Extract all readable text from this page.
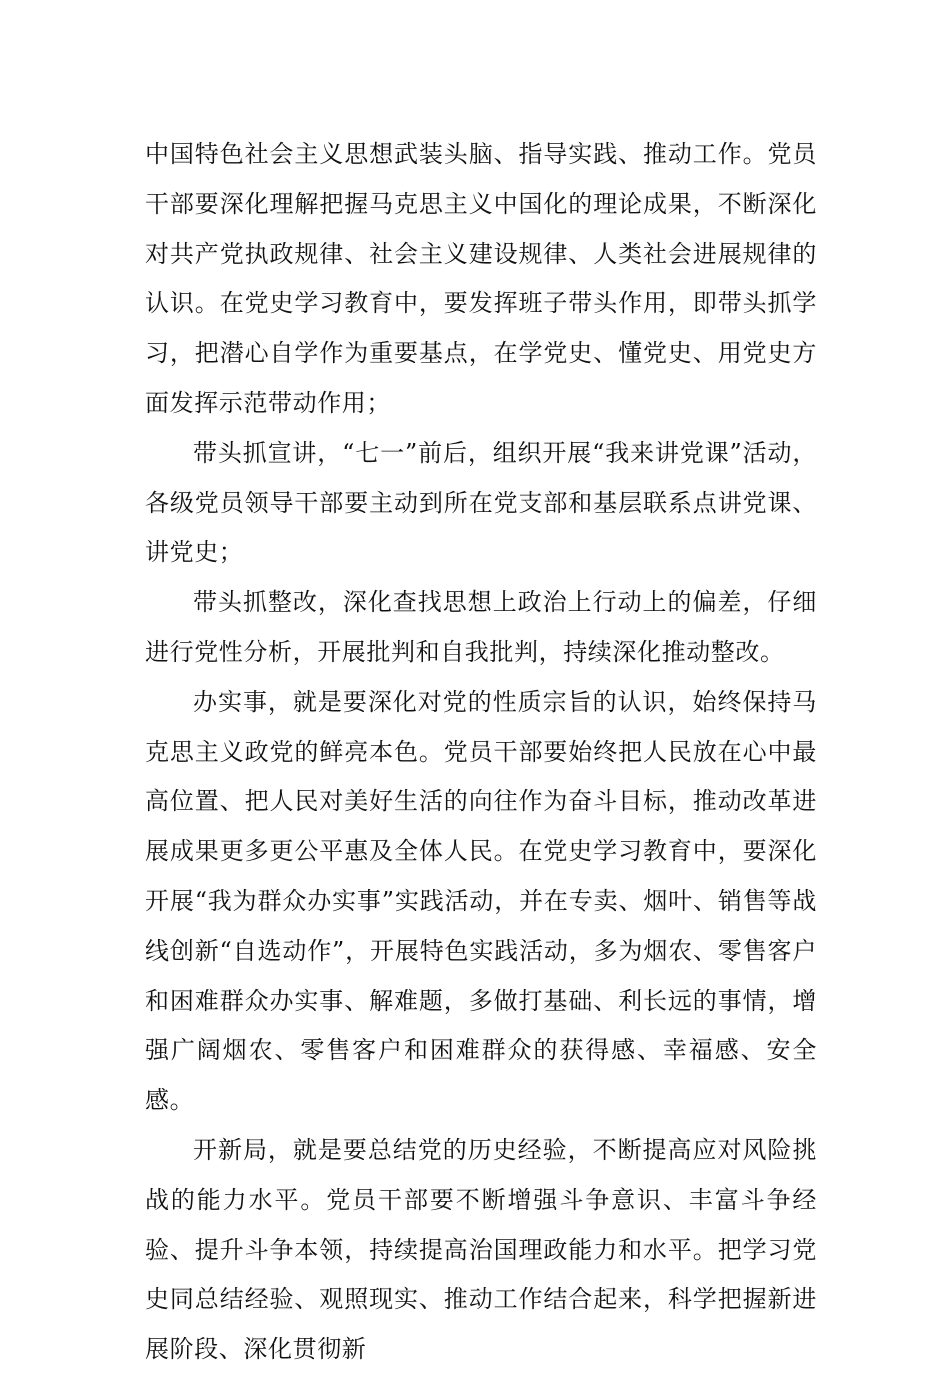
中国特色社会主义思想武装头脑、指导实践、推动工作。党员干部要深化理解把握马克思主义中国化的理论成果，不断深化对共产党执政规律、社会主义建设规律、人类社会进展规律的认识。在党史学习教育中，要发挥班子带头作用，即带头抓学习，把潜心自学作为重要基点，在学党史、懂党史、用党史方面发挥示范带动作用；

带头抓宣讲，“七一”前后，组织开展“我来讲党课”活动，各级党员领导干部要主动到所在党支部和基层联系点讲党课、讲党史；

带头抓整改，深化查找思想上政治上行动上的偏差，仔细进行党性分析，开展批判和自我批判，持续深化推动整改。

办实事，就是要深化对党的性质宗旨的认识，始终保持马克思主义政党的鲜亮本色。党员干部要始终把人民放在心中最高位置、把人民对美好生活的向往作为奋斗目标，推动改革进展成果更多更公平惠及全体人民。在党史学习教育中，要深化开展“我为群众办实事”实践活动，并在专卖、烟叶、销售等战线创新“自选动作”，开展特色实践活动，多为烟农、零售客户和困难群众办实事、解难题，多做打基础、利长远的事情，增强广阔烟农、零售客户和困难群众的获得感、幸福感、安全感。

开新局，就是要总结党的历史经验，不断提高应对风险挑战的能力水平。党员干部要不断增强斗争意识、丰富斗争经验、提升斗争本领，持续提高治国理政能力和水平。把学习党史同总结经验、观照现实、推动工作结合起来，科学把握新进展阶段、深化贯彻新
